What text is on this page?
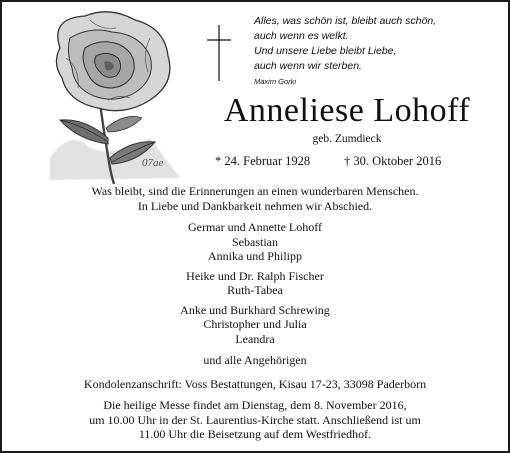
07ae
Alles, was schön ist, bleibt auch schön,
auch wenn es welkt.
Und unsere Liebe bleibt Liebe,
auch wenn wir sterben.
Maxim Gorki
Anneliese Lohoff
geb. Zumdieck
* 24. Februar 1928	† 30. Oktober 2016
Was bleibt, sind die Erinnerungen an einen wunderbaren Menschen.
In Liebe und Dankbarkeit nehmen wir Abschied.
Germar und Annette Lohoff
Sebastian
Annika und Philipp
Heike und Dr. Ralph Fischer
Ruth-Tabea
Anke und Burkhard Schrewing
Christopher und Julia
Leandra
und alle Angehörigen
Kondolenzanschrift: Voss Bestattungen, Kisau 17-23, 33098 Paderborn
Die heilige Messe findet am Dienstag, dem 8. November 2016,
um 10.00 Uhr in der St. Laurentius-Kirche statt. Anschließend ist um
11.00 Uhr die Beisetzung auf dem Westfriedhof.
